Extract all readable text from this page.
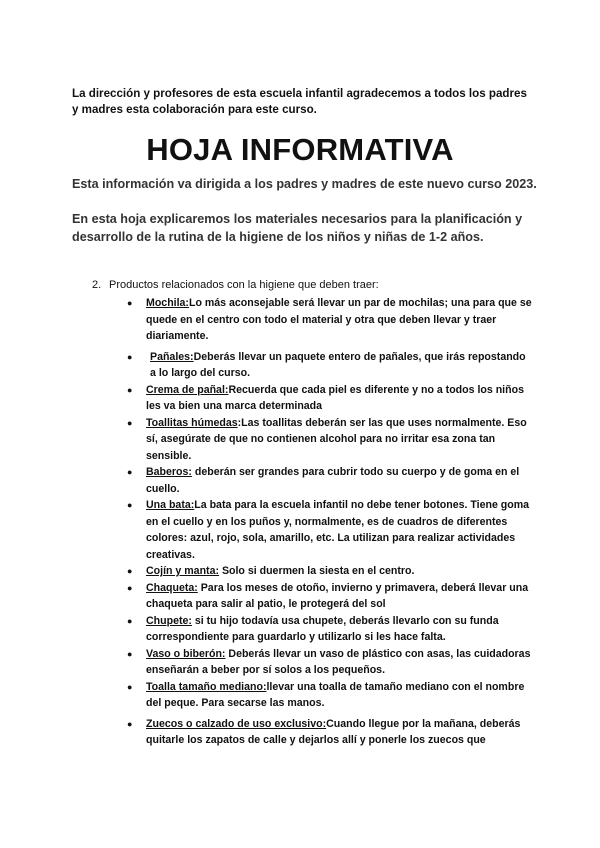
La dirección y profesores de esta escuela infantil agradecemos a todos los padres y madres esta colaboración para este curso.

HOJA INFORMATIVA

Esta información va dirigida a los padres y madres de este nuevo curso 2023.

En esta hoja explicaremos los materiales necesarios para la planificación y desarrollo de la rutina de la higiene de los niños y niñas de 1-2 años.

2. Productos relacionados con la higiene que deben traer:

●	Mochila:Lo más aconsejable será llevar un par de mochilas; una para que se quede en el centro con todo el material y otra que deben llevar y traer diariamente.
●	Pañales:Deberás llevar un paquete entero de pañales, que irás repostando a lo largo del curso.
●	Crema de pañal:Recuerda que cada piel es diferente y no a todos los niños les va bien una marca determinada
●	Toallitas húmedas:Las toallitas deberán ser las que uses normalmente. Eso sí, asegúrate de que no contienen alcohol para no irritar esa zona tan sensible.
●	Baberos: deberán ser grandes para cubrir todo su cuerpo y de goma en el cuello.
●	Una bata:La bata para la escuela infantil no debe tener botones. Tiene goma en el cuello y en los puños y, normalmente, es de cuadros de diferentes colores: azul, rojo, sola, amarillo, etc. La utilizan para realizar actividades creativas.
●	Cojín y manta: Solo si duermen la siesta en el centro.
●	Chaqueta: Para los meses de otoño, invierno y primavera, deberá llevar una chaqueta para salir al patio, le protegerá del sol
●	Chupete: si tu hijo todavía usa chupete, deberás llevarlo con su funda correspondiente para guardarlo y utilizarlo si les hace falta.
●	Vaso o biberón: Deberás llevar un vaso de plástico con asas, las cuidadoras enseñarán a beber por sí solos a los pequeños.
●	Toalla tamaño mediano:llevar una toalla de tamaño mediano con el nombre del peque. Para secarse las manos.
●	Zuecos o calzado de uso exclusivo:Cuando llegue por la mañana, deberás quitarle los zapatos de calle y dejarlos allí y ponerle los zuecos que
